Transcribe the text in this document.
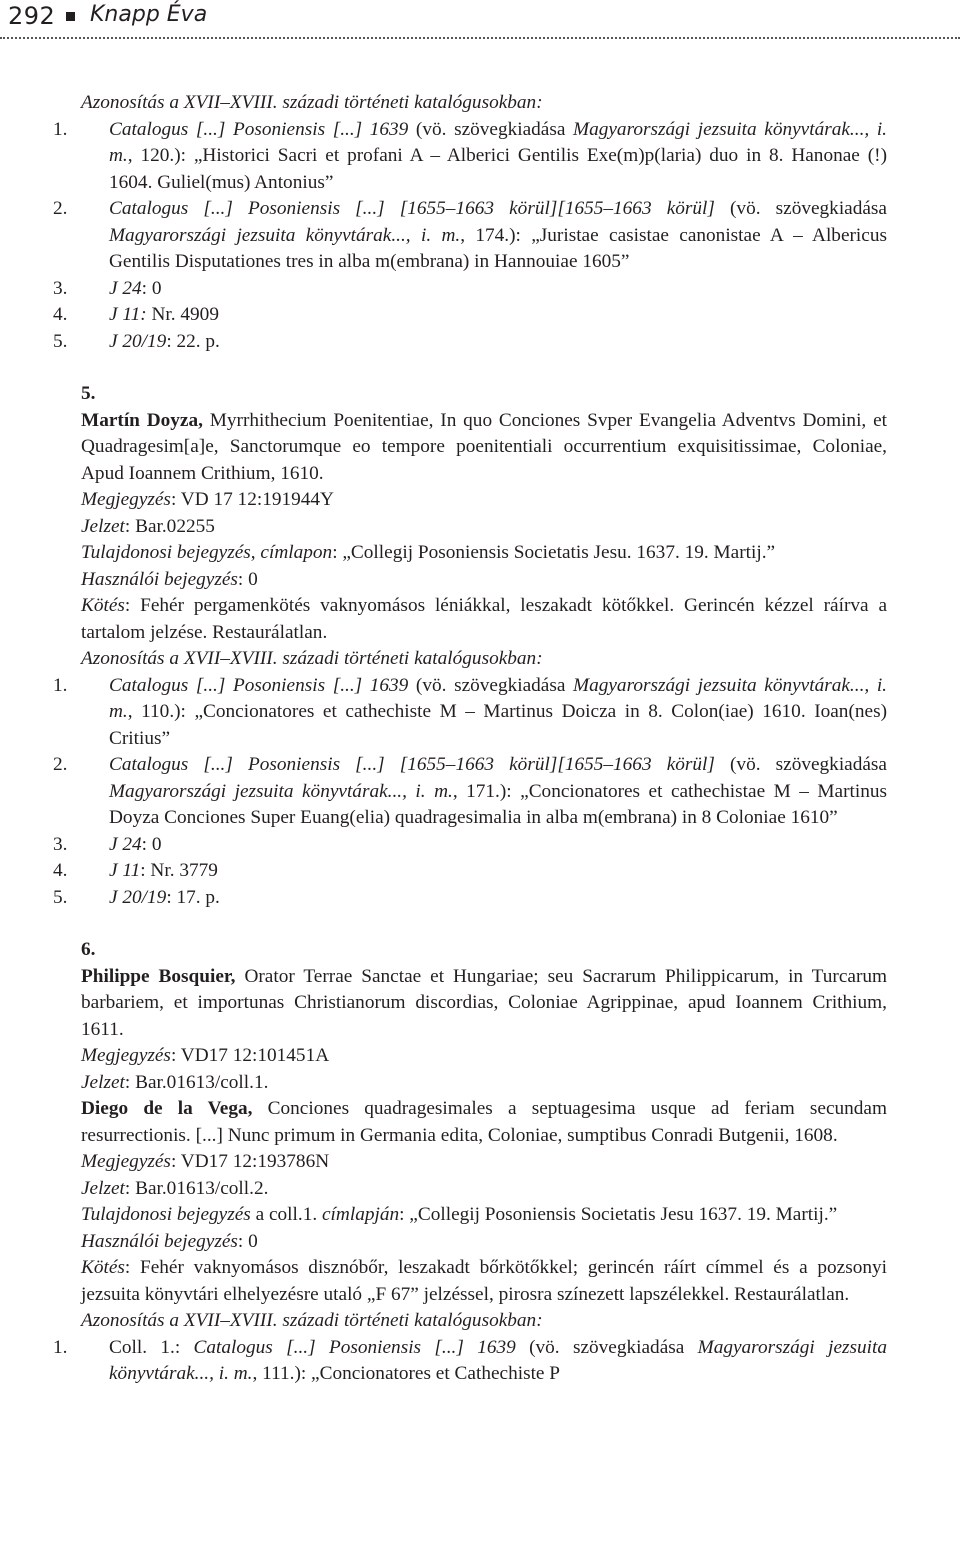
292 Knapp Éva

Azonosítás a XVII–XVIII. századi történeti katalógusokban:

1. Catalogus [...] Posoniensis [...] 1639 (vö. szövegkiadása Magyarországi jezsuita könyvtárak..., i. m., 120.): „Historici Sacri et profani A – Alberici Gentilis Exe(m)p(laria) duo in 8. Hanonae (!) 1604. Guliel(mus) Antonius”

2. Catalogus [...] Posoniensis [...] [1655–1663 körül][1655–1663 körül] (vö. szövegkiadása Magyarországi jezsuita könyvtárak..., i. m., 174.): „Juristae casistae canonistae A – Albericus Gentilis Disputationes tres in alba m(embrana) in Hannouiae 1605”

3. J 24: 0

4. J 11: Nr. 4909

5. J 20/19: 22. p.

5.

Martín Doyza, Myrrhithecium Poenitentiae, In quo Conciones Svper Evangelia Adventvs Domini, et Quadragesim[a]e, Sanctorumque eo tempore poenitentiali occurrentium exquisitissimae, Coloniae, Apud Ioannem Crithium, 1610.

Megjegyzés: VD 17 12:191944Y

Jelzet: Bar.02255

Tulajdonosi bejegyzés, címlapon: „Collegij Posoniensis Societatis Jesu. 1637. 19. Martij.”

Használói bejegyzés: 0

Kötés: Fehér pergamenkötés vaknyomásos léniákkal, leszakadt kötőkkel. Gerincén kézzel ráírva a tartalom jelzése. Restaurálatlan.

Azonosítás a XVII–XVIII. századi történeti katalógusokban:

1. Catalogus [...] Posoniensis [...] 1639 (vö. szövegkiadása Magyarországi jezsuita könyvtárak..., i. m., 110.): „Concionatores et cathechiste M – Martinus Doicza in 8. Colon(iae) 1610. Ioan(nes) Critius”

2. Catalogus [...] Posoniensis [...] [1655–1663 körül][1655–1663 körül] (vö. szövegkiadása Magyarországi jezsuita könyvtárak..., i. m., 171.): „Concionatores et cathechistae M – Martinus Doyza Conciones Super Euang(elia) quadragesimalia in alba m(embrana) in 8 Coloniae 1610”

3. J 24: 0

4. J 11: Nr. 3779

5. J 20/19: 17. p.

6.

Philippe Bosquier, Orator Terrae Sanctae et Hungariae; seu Sacrarum Philippicarum, in Turcarum barbariem, et importunas Christianorum discordias, Coloniae Agrippinae, apud Ioannem Crithium, 1611.

Megjegyzés: VD17 12:101451A

Jelzet: Bar.01613/coll.1.

Diego de la Vega, Conciones quadragesimales a septuagesima usque ad feriam secundam resurrectionis. [...] Nunc primum in Germania edita, Coloniae, sumptibus Conradi Butgenii, 1608.

Megjegyzés: VD17 12:193786N

Jelzet: Bar.01613/coll.2.

Tulajdonosi bejegyzés a coll.1. címlapján: „Collegij Posoniensis Societatis Jesu 1637. 19. Martij.”

Használói bejegyzés: 0

Kötés: Fehér vaknyomásos disznóbőr, leszakadt bőrkötőkkel; gerincén ráírt címmel és a pozsonyi jezsuita könyvtári elhelyezésre utaló „F 67” jelzéssel, pirosra színezett lapszélekkel. Restaurálatlan.

Azonosítás a XVII–XVIII. századi történeti katalógusokban:

1. Coll. 1.: Catalogus [...] Posoniensis [...] 1639 (vö. szövegkiadása Magyarországi jezsuita könyvtárak..., i. m., 111.): „Concionatores et Cathechiste P
